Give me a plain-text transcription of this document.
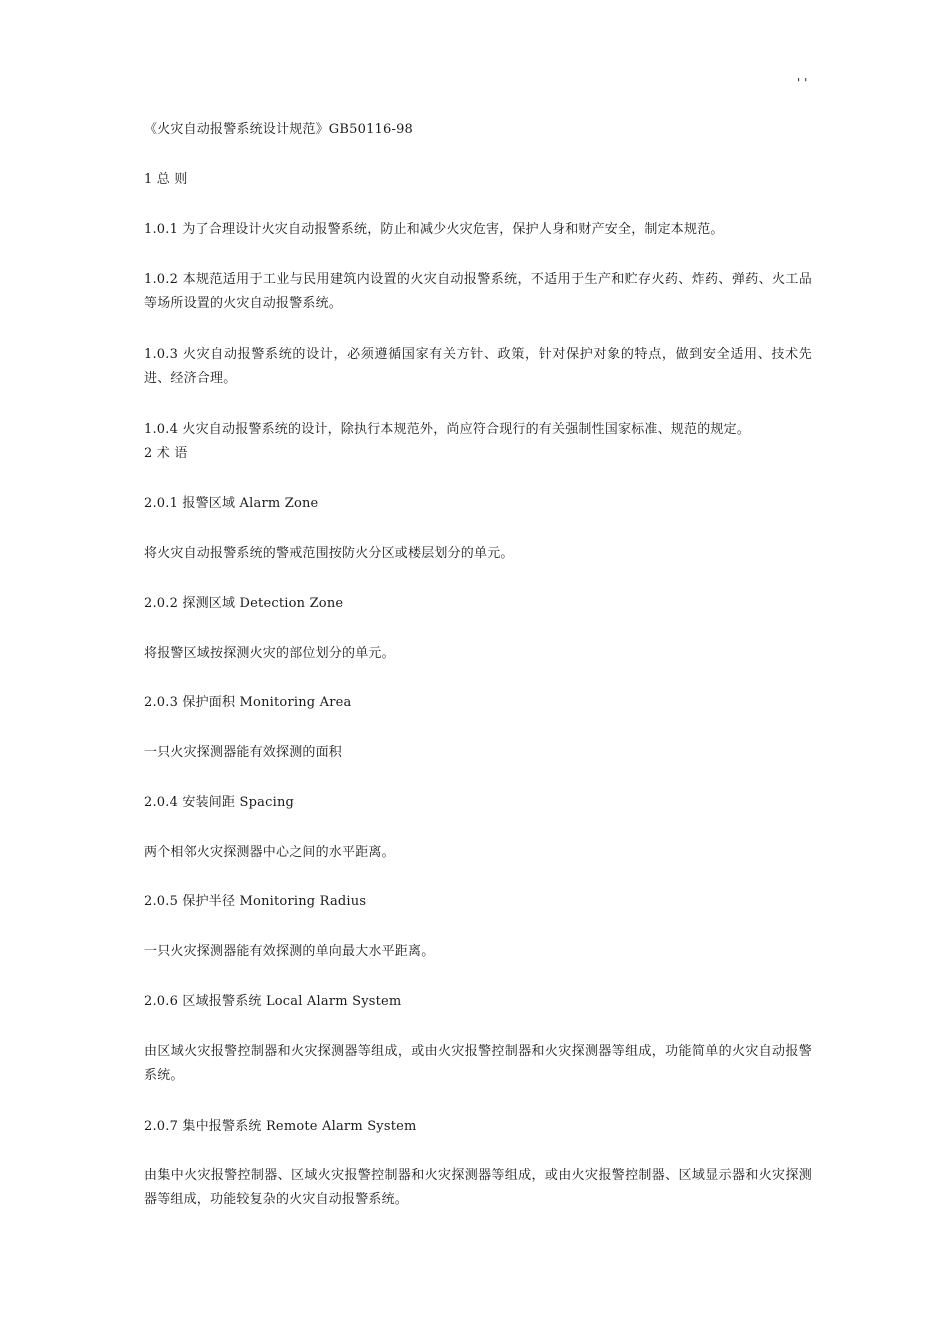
' '
《火灾自动报警系统设计规范》GB50116-98
1 总 则
1.0.1 为了合理设计火灾自动报警系统，防止和减少火灾危害，保护人身和财产安全，制定本规范。
1.0.2 本规范适用于工业与民用建筑内设置的火灾自动报警系统，不适用于生产和贮存火药、炸药、弹药、火工品等场所设置的火灾自动报警系统。
1.0.3 火灾自动报警系统的设计，必须遵循国家有关方针、政策，针对保护对象的特点，做到安全适用、技术先进、经济合理。
1.0.4 火灾自动报警系统的设计，除执行本规范外，尚应符合现行的有关强制性国家标准、规范的规定。
2 术 语
2.0.1 报警区域 Alarm Zone
将火灾自动报警系统的警戒范围按防火分区或楼层划分的单元。
2.0.2 探测区域 Detection Zone
将报警区域按探测火灾的部位划分的单元。
2.0.3 保护面积 Monitoring Area
一只火灾探测器能有效探测的面积
2.0.4 安装间距 Spacing
两个相邻火灾探测器中心之间的水平距离。
2.0.5 保护半径 Monitoring Radius
一只火灾探测器能有效探测的单向最大水平距离。
2.0.6 区域报警系统 Local Alarm System
由区域火灾报警控制器和火灾探测器等组成，或由火灾报警控制器和火灾探测器等组成，功能简单的火灾自动报警系统。
2.0.7 集中报警系统 Remote Alarm System
由集中火灾报警控制器、区域火灾报警控制器和火灾探测器等组成，或由火灾报警控制器、区域显示器和火灾探测器等组成，功能较复杂的火灾自动报警系统。
